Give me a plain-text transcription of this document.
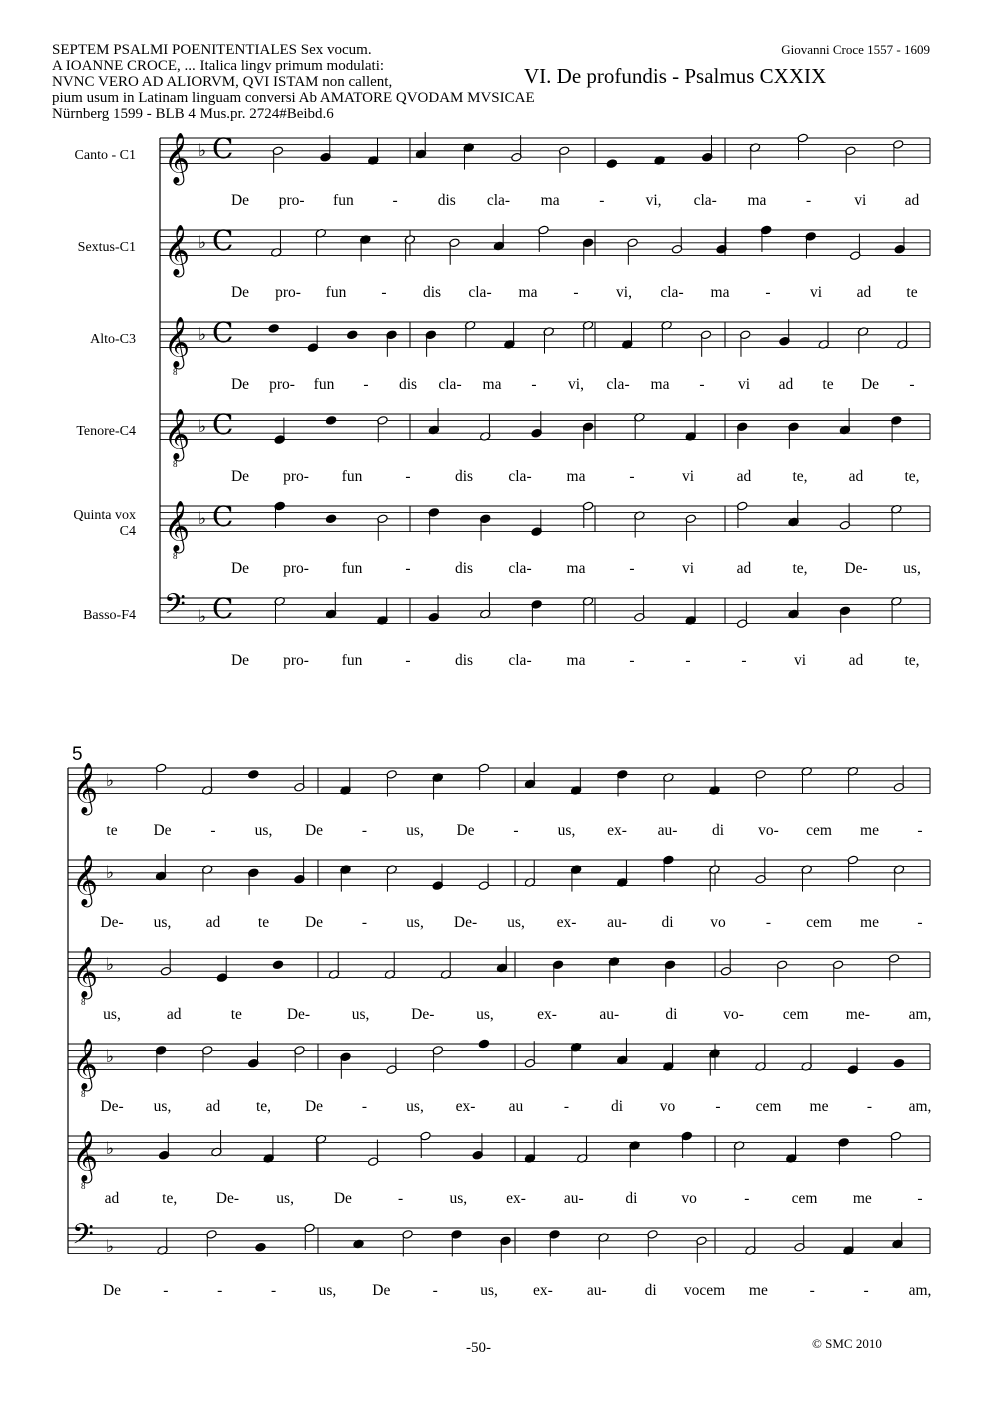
SEPTEM PSALMI POENITENTIALES Sex vocum.
A IOANNE CROCE, ... Italica lingv primum modulati:
NVNC VERO AD ALIORVM, QVI ISTAM non callent,
pium usum in Latinam linguam conversi Ab AMATORE QVODAM MVSICAE
Nürnberg 1599 - BLB 4 Mus.pr. 2724#Beibd.6
Giovanni Croce 1557 - 1609
VI. De profundis - Psalmus CXXIX
𝄞 ♭ C
Canto - C1
De pro- fun	-	dis cla- ma	-	vi, cla- ma	-	vi ad
𝄞 ♭ C
Sextus-C1
De pro- fun - dis cla- ma - vi, cla- ma -	vi ad te
𝄞
8
♭ C
Alto-C3
De pro- fun - dis cla- ma - vi, cla- ma - vi ad te De -
𝄞
8
♭ C
Tenore-C4
De pro- fun	-	dis cla- ma	-	vi	ad	te,	ad	te,
𝄞
8
♭ C
Quinta vox
C4
De pro- fun	-	dis cla- ma	-	vi	ad	te, De- us,
𝄢 ♭ C
Basso-F4
De pro- fun	-	dis cla- ma	-	-	-	vi	ad	te,
5
𝄞 ♭
te De	-	us, De	-	us, De	-	us, ex- au- di vo- cem me -
𝄞 ♭
De- us, ad te De	-	us, De- us, ex- au- di vo	- cem me -
𝄞
8
♭
us,	ad	te	De-	us,	De-	us,	ex-	au-	di	vo-	cem me- am,
𝄞
8
♭
De- us, ad te, De	-	us, ex- au	-	di vo	- cem me - am,
𝄞
8
♭
ad	te, De- us,	De	-	us,	ex- au-	di	vo	-	cem me	-
𝄢 ♭
De	-	-	-	us, De	-	us, ex- au- di vocem me	-	-	am,
-50-	© SMC 2010
